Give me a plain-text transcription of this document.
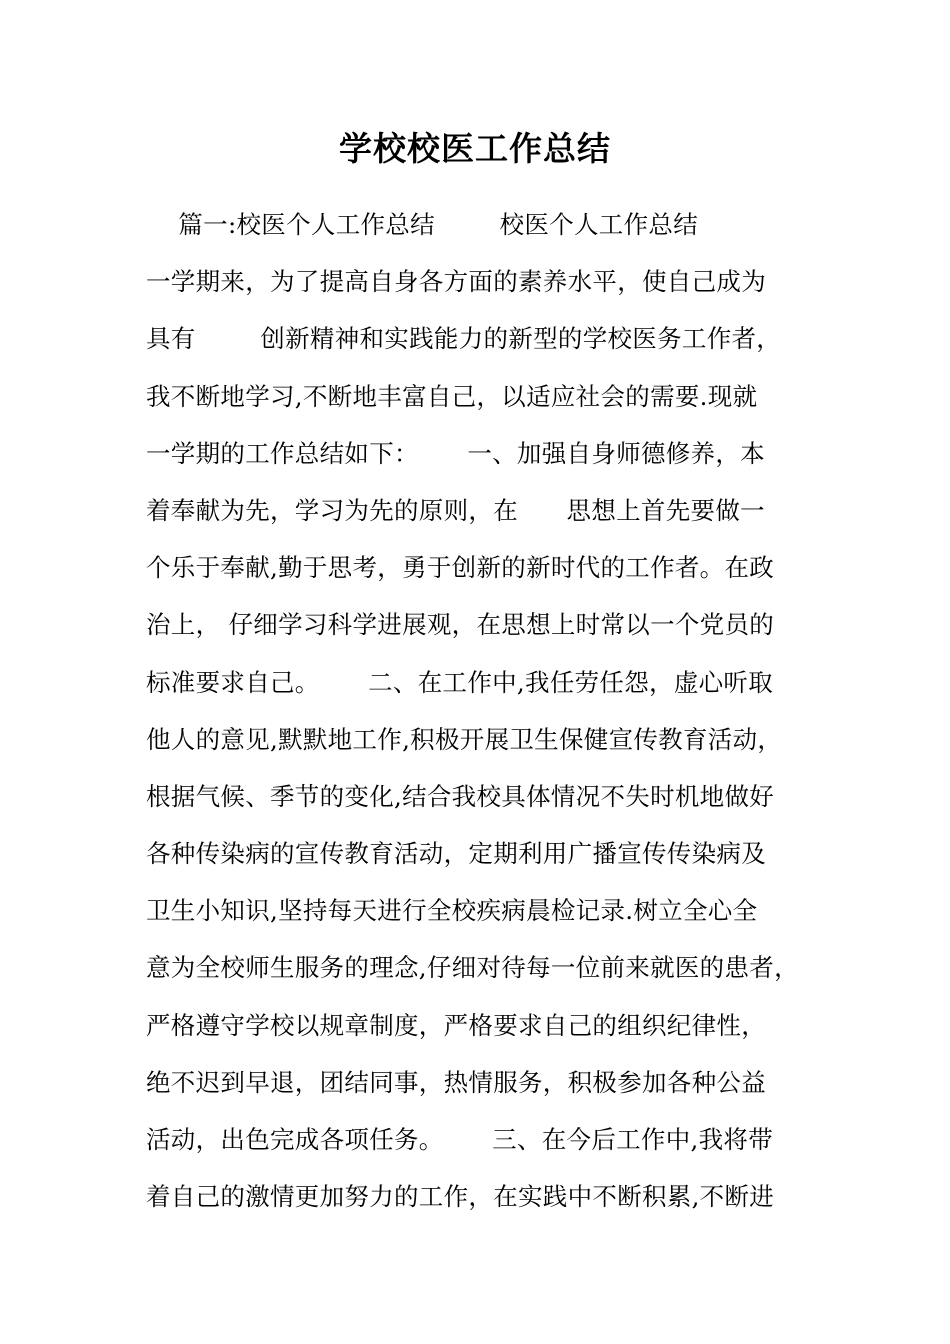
学校校医工作总结
篇一:校医个人工作总结        校医个人工作总结
一学期来，为了提高自身各方面的素养水平，使自己成为
具有        创新精神和实践能力的新型的学校医务工作者，
我不断地学习,不断地丰富自己，以适应社会的需要.现就
一学期的工作总结如下：      一、加强自身师德修养，本
着奉献为先，学习为先的原则，在      思想上首先要做一
个乐于奉献,勤于思考，勇于创新的新时代的工作者。在政
治上， 仔细学习科学进展观，在思想上时常以一个党员的
标准要求自己。      二、在工作中,我任劳任怨，虚心听取
他人的意见,默默地工作,积极开展卫生保健宣传教育活动，
根据气候、季节的变化,结合我校具体情况不失时机地做好
各种传染病的宣传教育活动，定期利用广播宣传传染病及
卫生小知识,坚持每天进行全校疾病晨检记录.树立全心全
意为全校师生服务的理念,仔细对待每一位前来就医的患者，
严格遵守学校以规章制度，严格要求自己的组织纪律性，
绝不迟到早退，团结同事，热情服务，积极参加各种公益
活动，出色完成各项任务。      三、在今后工作中,我将带
着自己的激情更加努力的工作，在实践中不断积累,不断进
